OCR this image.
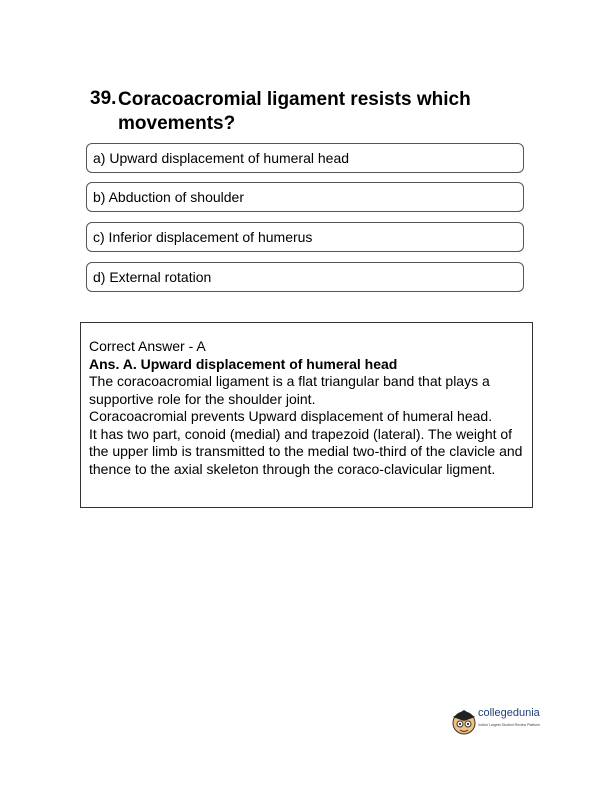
39. Coracoacromial ligament resists which movements?
a) Upward displacement of humeral head
b) Abduction of shoulder
c) Inferior displacement of humerus
d) External rotation
Correct Answer - A
Ans. A. Upward displacement of humeral head
The coracoacromial ligament is a flat triangular band that plays a supportive role for the shoulder joint.
Coracoacromial prevents Upward displacement of humeral head.
It has two part, conoid (medial) and trapezoid (lateral). The weight of the upper limb is transmitted to the medial two-third of the clavicle and thence to the axial skeleton through the coraco-clavicular ligment.
collegedunia
India's Largest Student Review Platform
